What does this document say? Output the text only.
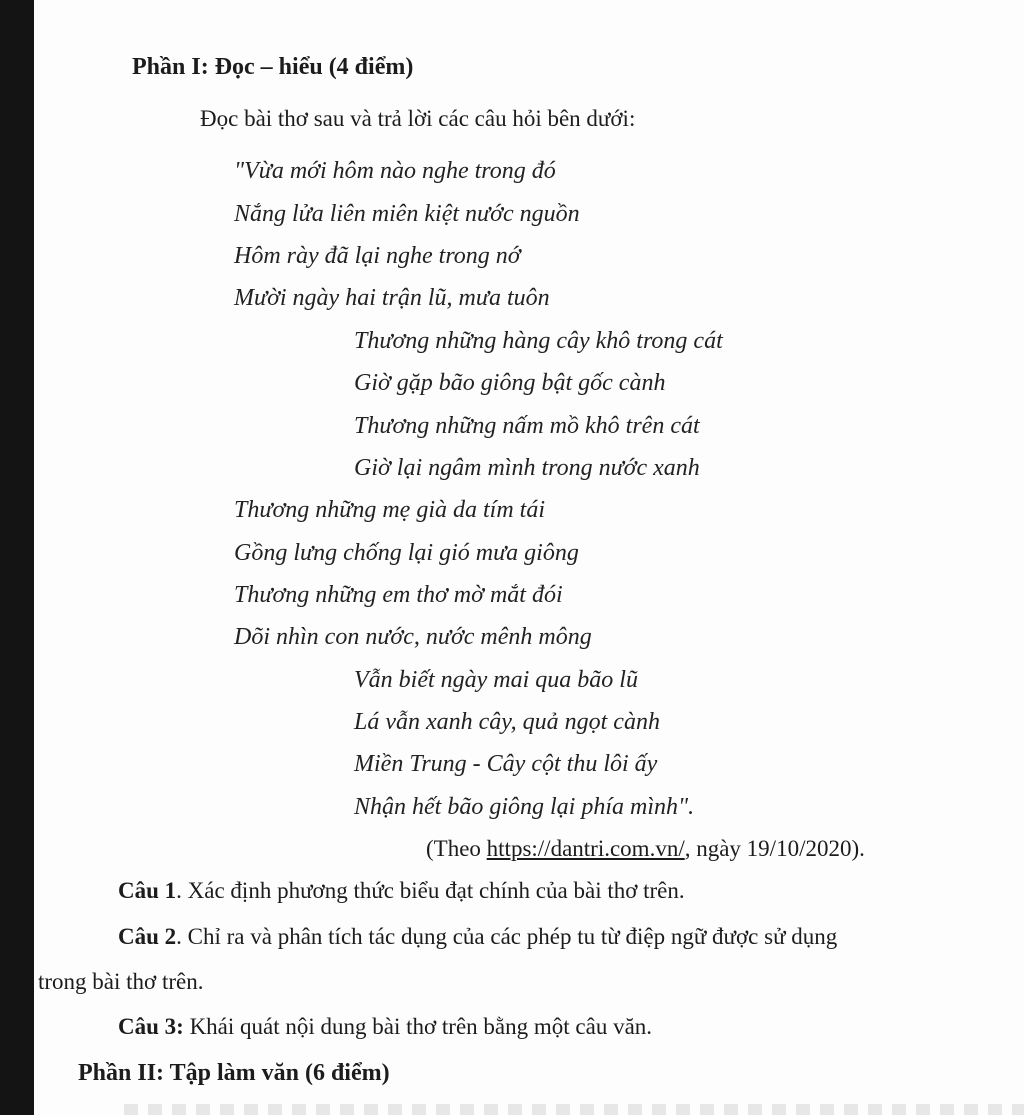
Phần I: Đọc – hiểu (4 điểm)
Đọc bài thơ sau và trả lời các câu hỏi bên dưới:
"Vừa mới hôm nào nghe trong đó
Nắng lửa liên miên kiệt nước nguồn
Hôm rày đã lại nghe trong nớ
Mười ngày hai trận lũ, mưa tuôn
Thương những hàng cây khô trong cát
Giờ gặp bão giông bật gốc cành
Thương những nấm mồ khô trên cát
Giờ lại ngâm mình trong nước xanh
Thương những mẹ già da tím tái
Gồng lưng chống lại gió mưa giông
Thương những em thơ mờ mắt đói
Dõi nhìn con nước, nước mênh mông
Vẫn biết ngày mai qua bão lũ
Lá vẫn xanh cây, quả ngọt cành
Miền Trung - Cây cột thu lôi ấy
Nhận hết bão giông lại phía mình".
(Theo https://dantri.com.vn/, ngày 19/10/2020).
Câu 1. Xác định phương thức biểu đạt chính của bài thơ trên.
Câu 2. Chỉ ra và phân tích tác dụng của các phép tu từ điệp ngữ được sử dụng
trong bài thơ trên.
Câu 3: Khái quát nội dung bài thơ trên bằng một câu văn.
Phần II: Tập làm văn (6 điểm)
